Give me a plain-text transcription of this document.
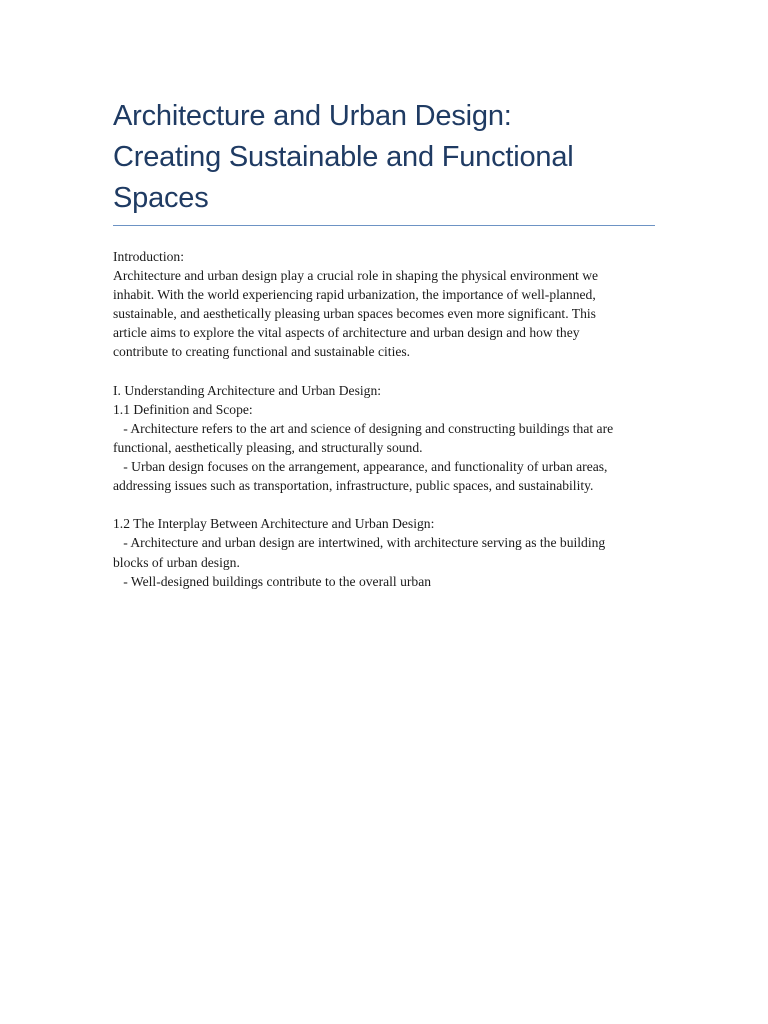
Architecture and Urban Design:
Creating Sustainable and Functional
Spaces
Introduction:
Architecture and urban design play a crucial role in shaping the physical environment we
inhabit. With the world experiencing rapid urbanization, the importance of well-planned,
sustainable, and aesthetically pleasing urban spaces becomes even more significant. This
article aims to explore the vital aspects of architecture and urban design and how they
contribute to creating functional and sustainable cities.
I. Understanding Architecture and Urban Design:
1.1 Definition and Scope:
- Architecture refers to the art and science of designing and constructing buildings that are
functional, aesthetically pleasing, and structurally sound.
- Urban design focuses on the arrangement, appearance, and functionality of urban areas,
addressing issues such as transportation, infrastructure, public spaces, and sustainability.
1.2 The Interplay Between Architecture and Urban Design:
- Architecture and urban design are intertwined, with architecture serving as the building
blocks of urban design.
- Well-designed buildings contribute to the overall urban
